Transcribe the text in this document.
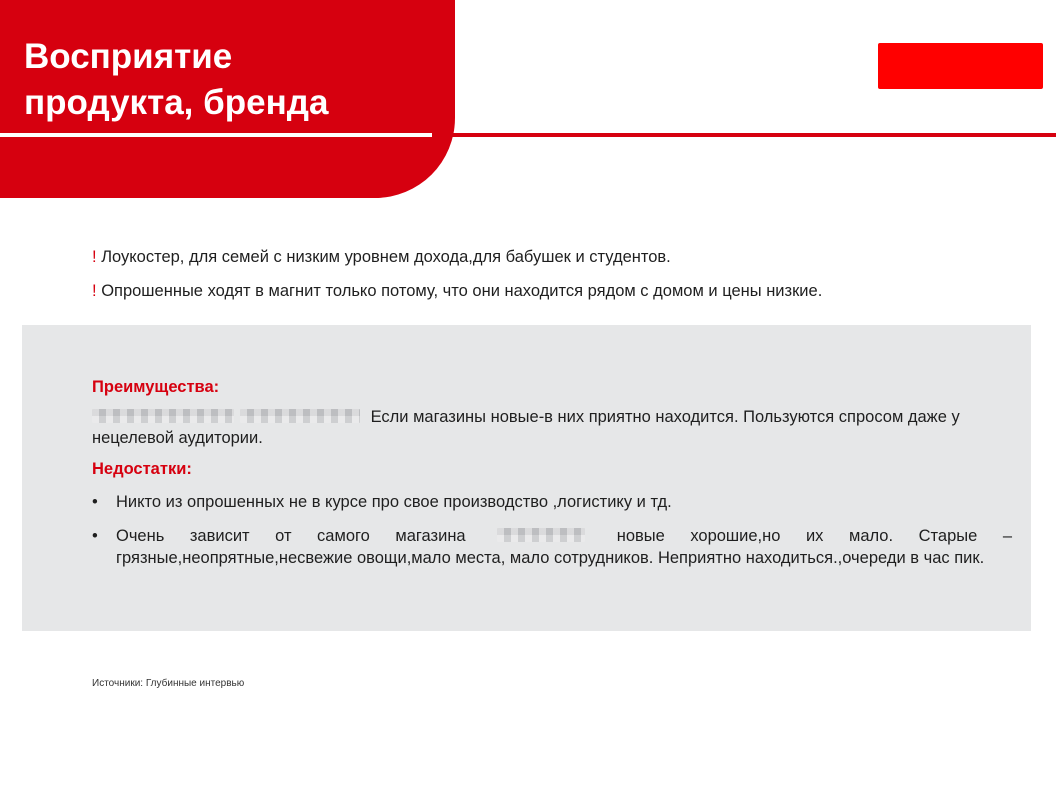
Восприятие
продукта, бренда

! Лоукостер, для семей с низким уровнем дохода,для бабушек и студентов.

! Опрошенные ходят в магнит только потому, что они находится рядом с домом и цены низкие.

Преимущества:

Если магазины новые-в них приятно находится. Пользуются спросом даже у нецелевой аудитории.

Недостатки:

• Никто из опрошенных не в курсе про свое производство ,логистику и тд.
• Очень зависит от самого магазина	новые хорошие,но их мало. Старые – грязные,неопрятные,несвежие овощи,мало места, мало сотрудников. Неприятно находиться.,очереди в час пик.
Источники: Глубинные интервью
